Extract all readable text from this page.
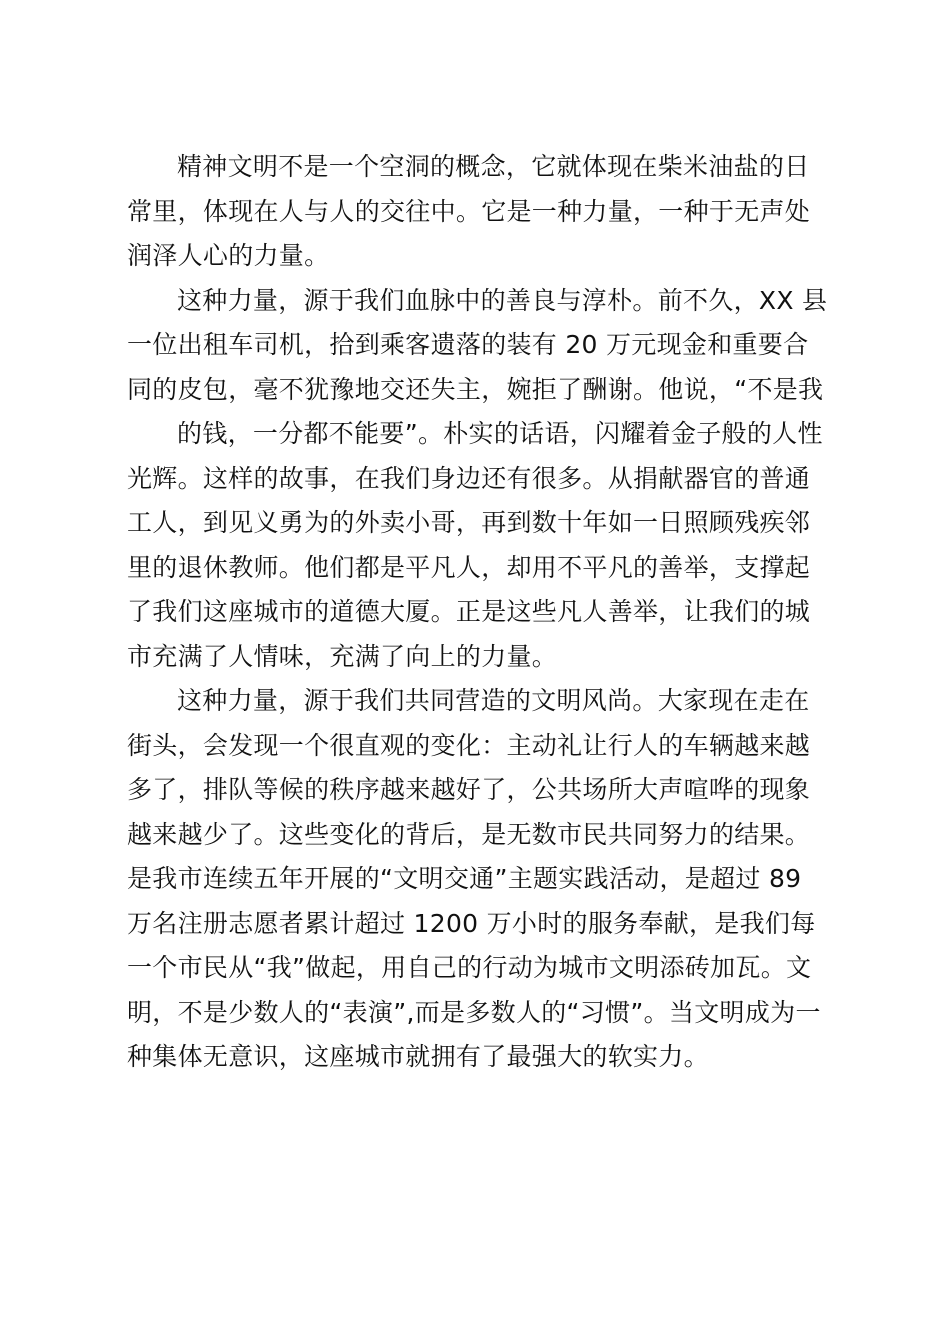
精神文明不是一个空洞的概念，它就体现在柴米油盐的日
常里，体现在人与人的交往中。它是一种力量，一种于无声处
润泽人心的力量。
这种力量，源于我们血脉中的善良与淳朴。前不久，XX 县
一位出租车司机，拾到乘客遗落的装有 20 万元现金和重要合
同的皮包，毫不犹豫地交还失主，婉拒了酬谢。他说，“不是我
的钱，一分都不能要”。朴实的话语，闪耀着金子般的人性
光辉。这样的故事，在我们身边还有很多。从捐献器官的普通
工人，到见义勇为的外卖小哥，再到数十年如一日照顾残疾邻
里的退休教师。他们都是平凡人，却用不平凡的善举，支撑起
了我们这座城市的道德大厦。正是这些凡人善举，让我们的城
市充满了人情味，充满了向上的力量。
这种力量，源于我们共同营造的文明风尚。大家现在走在
街头，会发现一个很直观的变化：主动礼让行人的车辆越来越
多了，排队等候的秩序越来越好了，公共场所大声喧哗的现象
越来越少了。这些变化的背后，是无数市民共同努力的结果。
是我市连续五年开展的“文明交通”主题实践活动，是超过 89
万名注册志愿者累计超过 1200 万小时的服务奉献，是我们每
一个市民从“我”做起，用自己的行动为城市文明添砖加瓦。文
明，不是少数人的“表演”,而是多数人的“习惯”。当文明成为一
种集体无意识，这座城市就拥有了最强大的软实力。
